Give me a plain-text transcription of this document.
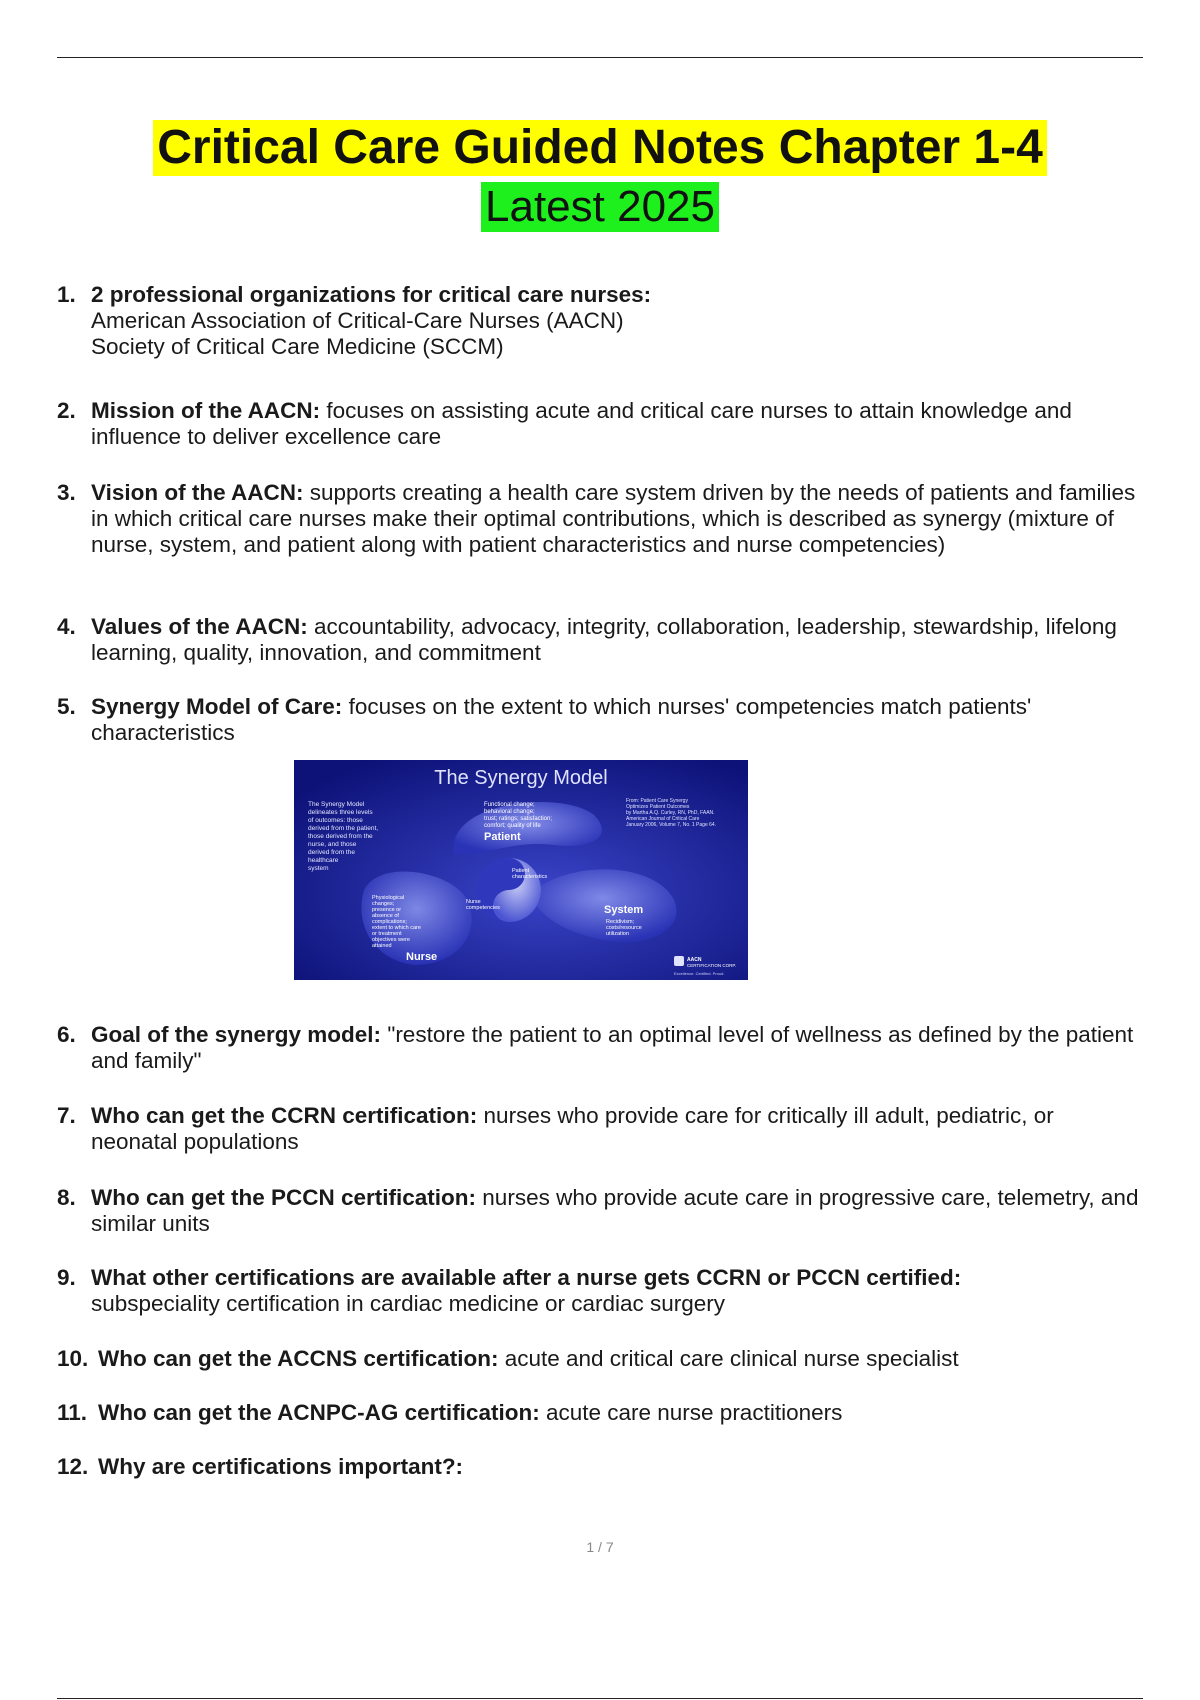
Critical Care Guided Notes Chapter 1-4
Latest 2025
1. 2 professional organizations for critical care nurses:
American Association of Critical-Care Nurses (AACN)
Society of Critical Care Medicine (SCCM)
2. Mission of the AACN: focuses on assisting acute and critical care nurses to attain knowledge and influence to deliver excellence care
3. Vision of the AACN: supports creating a health care system driven by the needs of patients and families in which critical care nurses make their optimal contributions, which is described as synergy (mixture of nurse, system, and patient along with patient characteristics and nurse competencies)
4. Values of the AACN: accountability, advocacy, integrity, collaboration, leadership, stewardship, lifelong learning, quality, innovation, and commitment
5. Synergy Model of Care: focuses on the extent to which nurses' competencies match patients' characteristics
The Synergy Model
The Synergy Model
delineates three levels
of outcomes: those
derived from the patient,
those derived from the
nurse, and those
derived from the
healthcare
system
Functional change;
behavioral change;
trust; ratings; satisfaction;
comfort; quality of life
Patient
From: Patient Care Synergy
Optimizes Patient Outcomes
by Martha A.Q. Curley, RN, PhD, FAAN.
American Journal of Critical Care
January 2006, Volume 7, No. 1 Page 64.
Patient
characteristics
Nurse
competencies	System
Recidivism;
costs/resource
utilization
Physiological
changes;
presence or
absence of
complications;
extent to which care
or treatment
objectives were
attained
Nurse	AACN
CERTIFICATION CORP.
Excellence. Certified. Proud.
6. Goal of the synergy model: "restore the patient to an optimal level of wellness as defined by the patient and family"
7. Who can get the CCRN certification: nurses who provide care for critically ill adult, pediatric, or neonatal populations
8. Who can get the PCCN certification: nurses who provide acute care in progressive care, telemetry, and similar units
9. What other certifications are available after a nurse gets CCRN or PCCN certified:
subspeciality certification in cardiac medicine or cardiac surgery
10. Who can get the ACCNS certification: acute and critical care clinical nurse specialist
11. Who can get the ACNPC-AG certification: acute care nurse practitioners
12. Why are certifications important?:
1 / 7
